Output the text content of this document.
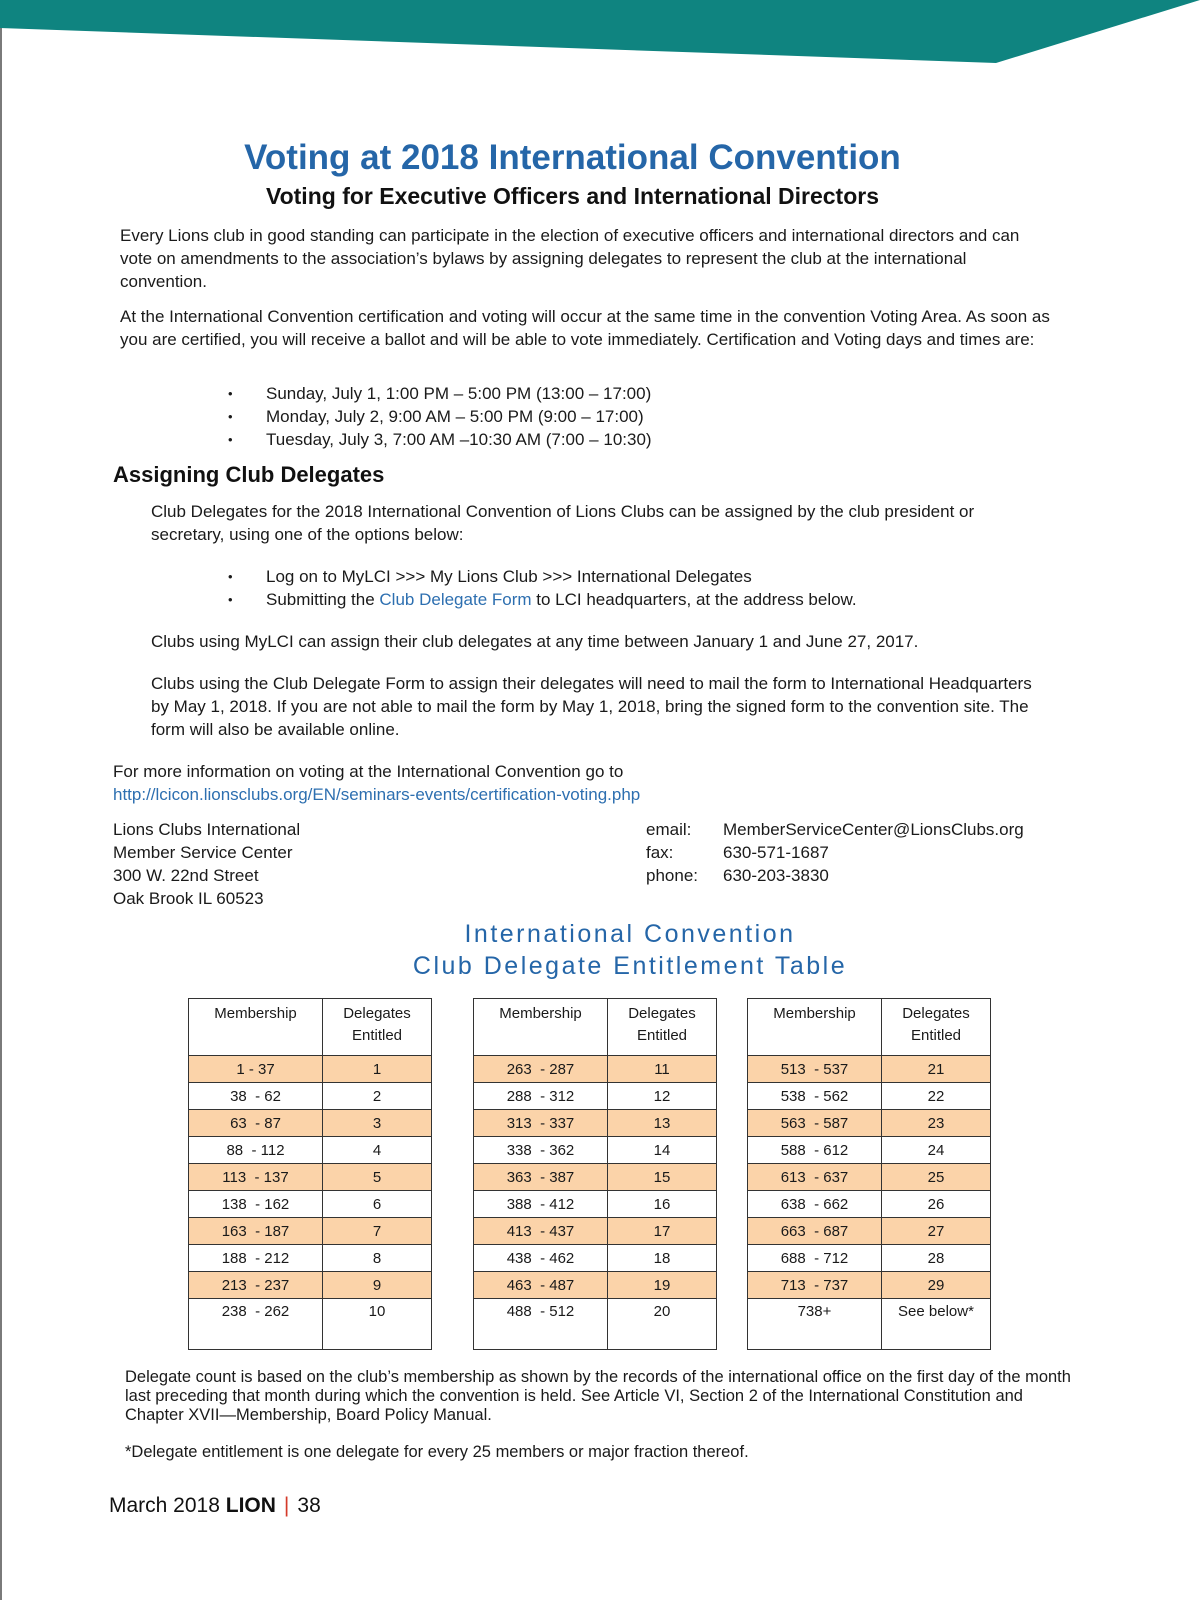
Voting at 2018 International Convention
Voting for Executive Officers and International Directors

Every Lions club in good standing can participate in the election of executive officers and international directors and can vote on amendments to the association’s bylaws by assigning delegates to represent the club at the international convention.

At the International Convention certification and voting will occur at the same time in the convention Voting Area. As soon as you are certified, you will receive a ballot and will be able to vote immediately. Certification and Voting days and times are:

• Sunday, July 1, 1:00 PM – 5:00 PM (13:00 – 17:00)
• Monday, July 2, 9:00 AM – 5:00 PM (9:00 – 17:00)
• Tuesday, July 3, 7:00 AM –10:30 AM (7:00 – 10:30)
Assigning Club Delegates

Club Delegates for the 2018 International Convention of Lions Clubs can be assigned by the club president or secretary, using one of the options below:

• Log on to MyLCI >>> My Lions Club >>> International Delegates
• Submitting the Club Delegate Form to LCI headquarters, at the address below.

Clubs using MyLCI can assign their club delegates at any time between January 1 and June 27, 2017.

Clubs using the Club Delegate Form to assign their delegates will need to mail the form to International Headquarters by May 1, 2018. If you are not able to mail the form by May 1, 2018, bring the signed form to the convention site. The form will also be available online.

For more information on voting at the International Convention go to

http://lcicon.lionsclubs.org/EN/seminars-events/certification-voting.php

Lions Clubs International
Member Service Center
300 W. 22nd Street
Oak Brook IL 60523
email:	MemberServiceCenter@LionsClubs.org
fax:	630-571-1687
phone:	630-203-3830

International Convention

Club Delegate Entitlement Table

Membership	Delegates Entitled
1 - 37	1
38  - 62	2
63  - 87	3
88  - 112	4
113  - 137	5
138  - 162	6
163  - 187	7
188  - 212	8
213  - 237	9
238  - 262	10
Membership	Delegates Entitled
263  - 287	11
288  - 312	12
313  - 337	13
338  - 362	14
363  - 387	15
388  - 412	16
413  - 437	17
438  - 462	18
463  - 487	19
488  - 512	20
Membership	Delegates Entitled
513  - 537	21
538  - 562	22
563  - 587	23
588  - 612	24
613  - 637	25
638  - 662	26
663  - 687	27
688  - 712	28
713  - 737	29
738+	See below*

Delegate count is based on the club’s membership as shown by the records of the international office on the first day of the month last preceding that month during which the convention is held. See Article VI, Section 2 of the International Constitution and Chapter XVII—Membership, Board Policy Manual.

*Delegate entitlement is one delegate for every 25 members or major fraction thereof.

March 2018 LION | 38
